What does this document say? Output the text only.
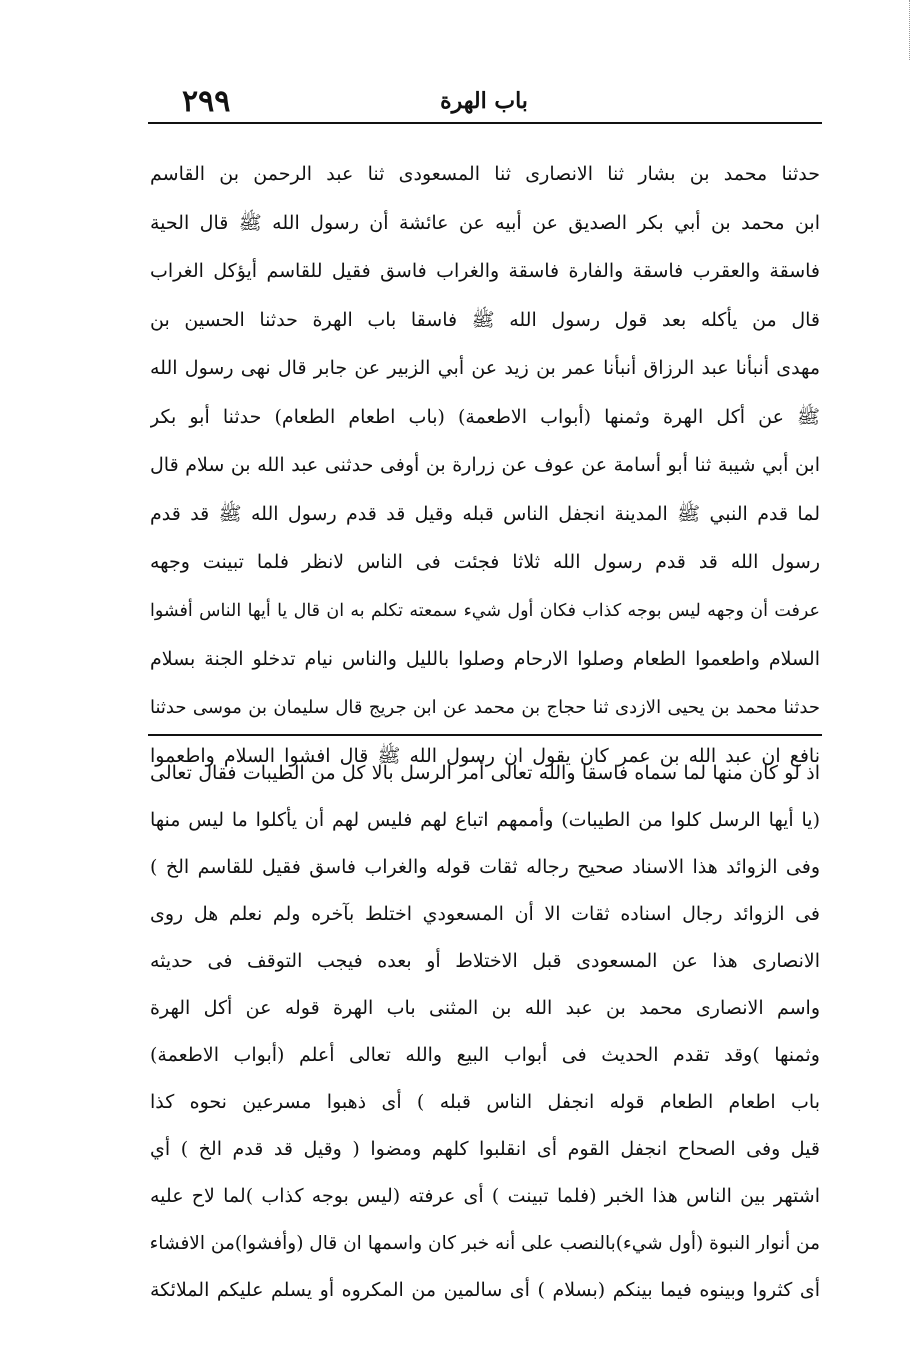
٢٩٩	باب الهرة
حدثنا محمد بن بشار ثنا الانصارى ثنا المسعودى ثنا عبد الرحمن بن القاسم
ابن محمد بن أبي بكر الصديق عن أبيه عن عائشة أن رسول الله ﷺ قال الحية
فاسقة والعقرب فاسقة والفارة فاسقة والغراب فاسق فقيل للقاسم أيؤكل الغراب
قال من يأكله بعد قول رسول الله ﷺ فاسقا باب الهرة حدثنا الحسين بن
مهدى أنبأنا عبد الرزاق أنبأنا عمر بن زيد عن أبي الزبير عن جابر قال نهى رسول الله
ﷺ عن أكل الهرة وثمنها (أبواب الاطعمة) (باب اطعام الطعام) حدثنا أبو بكر
ابن أبي شيبة ثنا أبو أسامة عن عوف عن زرارة بن أوفى حدثنى عبد الله بن سلام قال
لما قدم النبي ﷺ المدينة انجفل الناس قبله وقيل قد قدم رسول الله ﷺ قد قدم
رسول الله قد قدم رسول الله ثلاثا فجئت فى الناس لانظر فلما تبينت وجهه
عرفت أن وجهه ليس بوجه كذاب فكان أول شيء سمعته تكلم به ان قال يا أيها الناس أفشوا
السلام واطعموا الطعام وصلوا الارحام وصلوا بالليل والناس نيام تدخلو الجنة بسلام
حدثنا محمد بن يحيى الازدى ثنا حجاج بن محمد عن ابن جريج قال سليمان بن موسى حدثنا
نافع ان عبد الله بن عمر كان يقول ان رسول الله ﷺ قال افشوا السلام واطعموا
اذ لو كان منها لما سماه فاسقا والله تعالى أمر الرسل بالا كل من الطيبات فقال تعالى
(يا أيها الرسل كلوا من الطيبات) وأممهم اتباع لهم فليس لهم أن يأكلوا ما ليس منها
وفى الزوائد هذا الاسناد صحيح رجاله ثقات قوله والغراب فاسق فقيل للقاسم الخ )
فى الزوائد رجال اسناده ثقات الا أن المسعودي اختلط بآخره ولم نعلم هل روى
الانصارى هذا عن المسعودى قبل الاختلاط أو بعده فيجب التوقف فى حديثه
واسم الانصارى محمد بن عبد الله بن المثنى باب الهرة قوله عن أكل الهرة
وثمنها )وقد تقدم الحديث فى أبواب البيع والله تعالى أعلم (أبواب الاطعمة)
باب اطعام الطعام قوله انجفل الناس قبله ) أى ذهبوا مسرعين نحوه كذا
قيل وفى الصحاح انجفل القوم أى انقلبوا كلهم ومضوا ( وقيل قد قدم الخ ) أي
اشتهر بين الناس هذا الخبر (فلما تبينت ) أى عرفته (ليس بوجه كذاب )لما لاح عليه
من أنوار النبوة (أول شيء)بالنصب على أنه خبر كان واسمها ان قال (وأفشوا)من الافشاء
أى كثروا وبينوه فيما بينكم (بسلام ) أى سالمين من المكروه أو يسلم عليكم الملائكة
